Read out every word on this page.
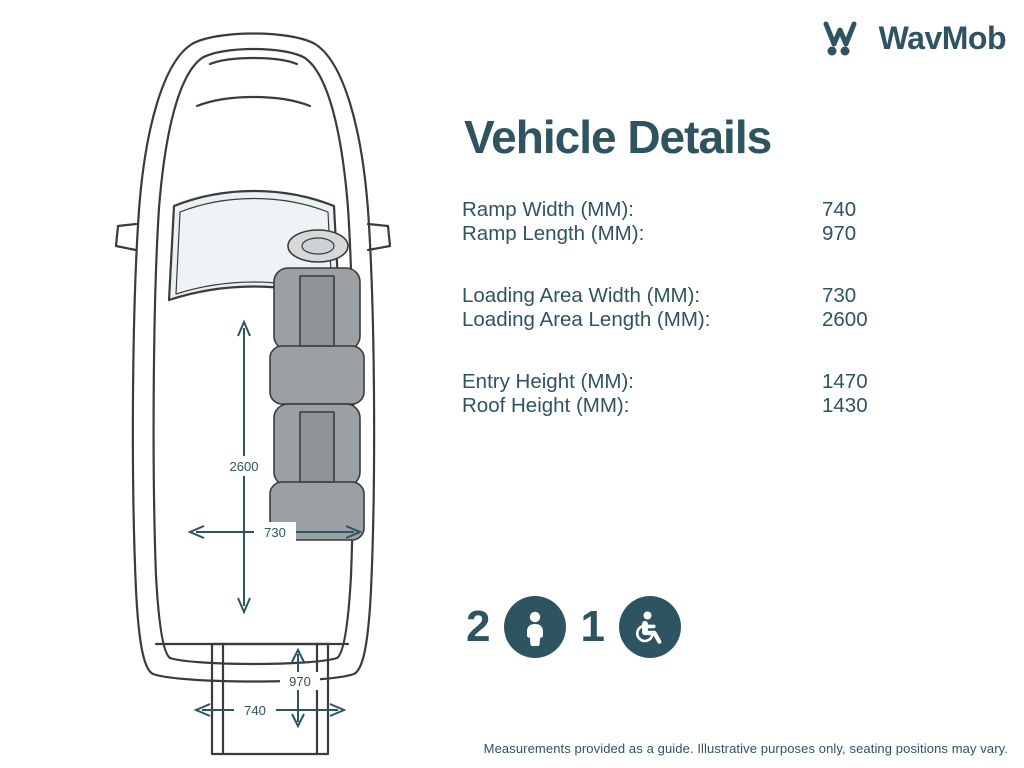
WavMob
2600
730
970
740
Vehicle Details
Ramp Width (MM):	740
Ramp Length (MM):	970
Loading Area Width (MM):	730
Loading Area Length (MM):	2600
Entry Height (MM):	1470
Roof Height (MM):	1430
2 1
Measurements provided as a guide. Illustrative purposes only, seating positions may vary.
